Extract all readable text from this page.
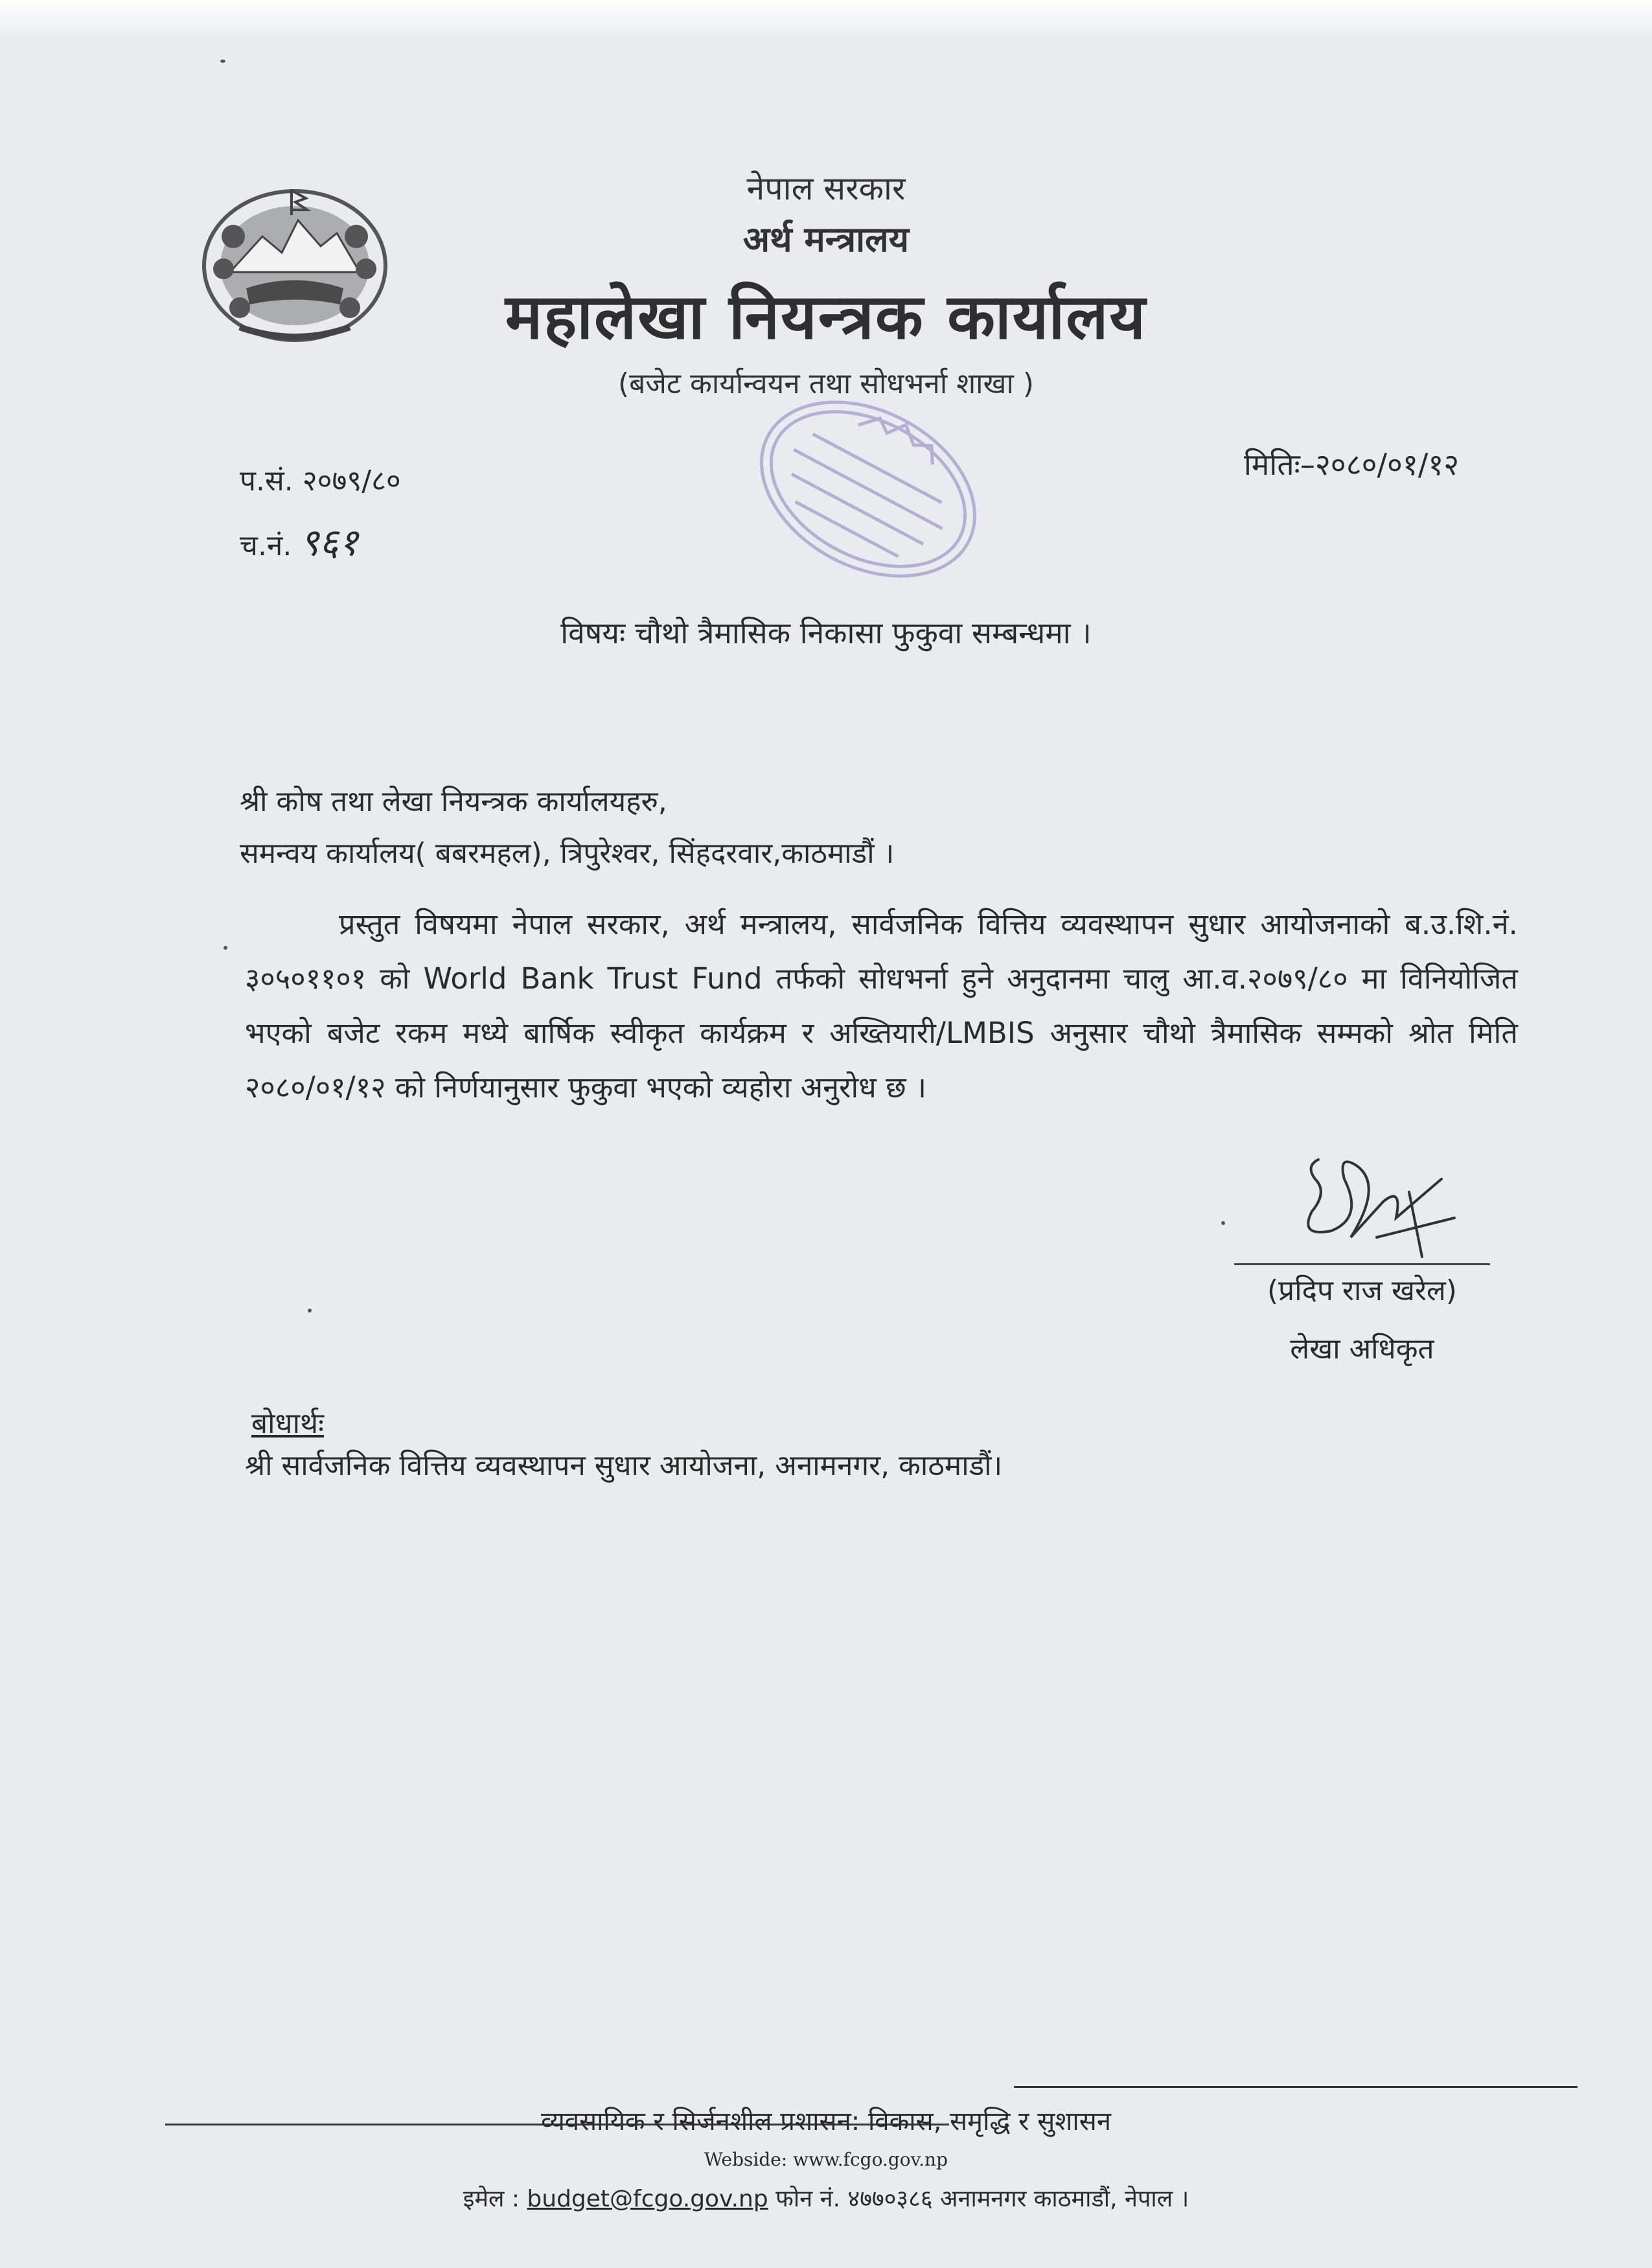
नेपाल सरकार
अर्थ मन्त्रालय
महालेखा नियन्त्रक कार्यालय
(बजेट कार्यान्वयन तथा सोधभर्ना शाखा )
प.सं. २०७९/८०
च.नं. ९६१
मितिः–२०८०/०१/१२
विषयः चौथो त्रैमासिक निकासा फुकुवा सम्बन्धमा ।
श्री कोष तथा लेखा नियन्त्रक कार्यालयहरु,
समन्वय कार्यालय( बबरमहल), त्रिपुरेश्वर, सिंहदरवार,काठमाडौं ।
प्रस्तुत विषयमा नेपाल सरकार, अर्थ मन्त्रालय, सार्वजनिक वित्तिय व्यवस्थापन सुधार आयोजनाको ब.उ.शि.नं. ३०५०११०१ को World Bank Trust Fund तर्फको सोधभर्ना हुने अनुदानमा चालु आ.व.२०७९/८० मा विनियोजित भएको बजेट रकम मध्ये बार्षिक स्वीकृत कार्यक्रम र अख्तियारी/LMBIS अनुसार चौथो त्रैमासिक सम्मको श्रोत मिति २०८०/०१/१२ को निर्णयानुसार फुकुवा भएको व्यहोरा अनुरोध छ ।
(प्रदिप राज खरेल)
लेखा अधिकृत
बोधार्थः
श्री सार्वजनिक वित्तिय व्यवस्थापन सुधार आयोजना, अनामनगर, काठमाडौं।
व्यवसायिक र सिर्जनशील प्रशासन: विकास, समृद्धि र सुशासन
Webside: www.fcgo.gov.np
इमेल : budget@fcgo.gov.np फोन नं. ४७७०३८६ अनामनगर काठमाडौं, नेपाल ।
